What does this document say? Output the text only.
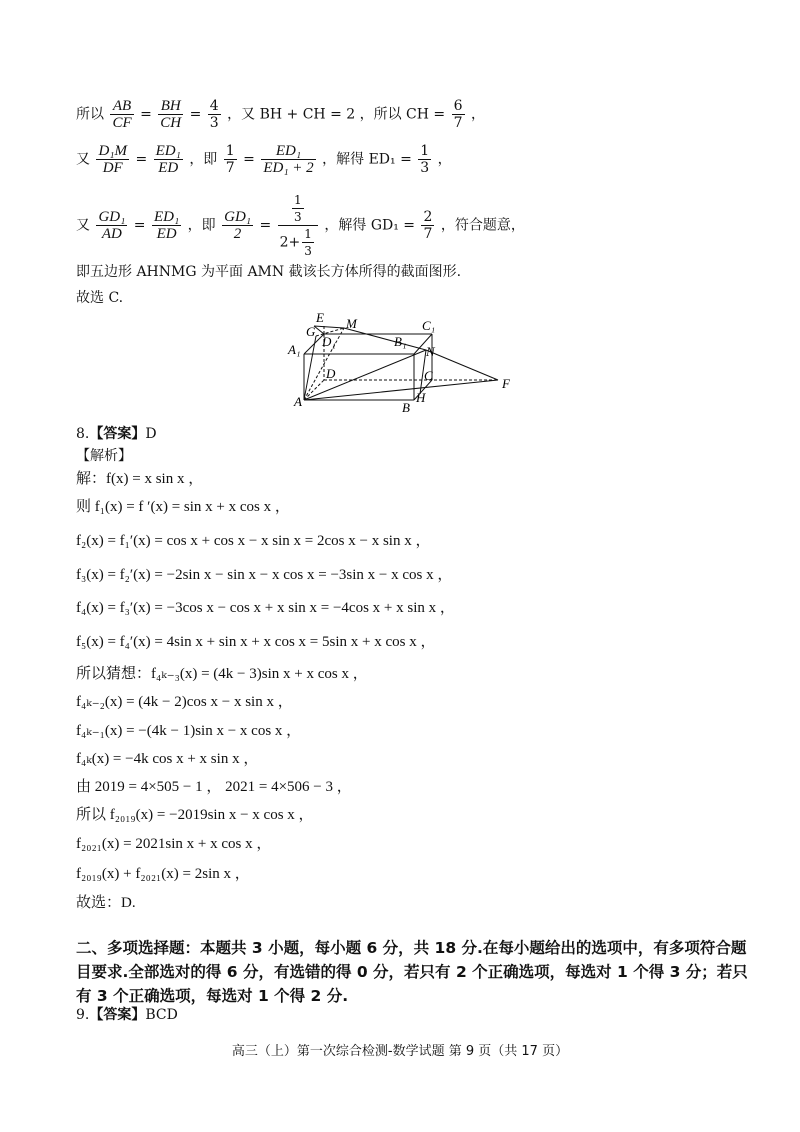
所以 $\frac{AB}{CF} = \frac{BH}{CH} = \frac{4}{3}$ ，又 BH + CH = 2 ，所以 CH = $\frac{6}{7}$ ，
又 $\frac{\text{D₁M}}{DF} = \frac{\text{ED₁}}{ED}$ ，即 $\frac{1}{7} = \frac{\text{ED₁}}{\text{ED₁ + 2}}$ ，解得 $ED_1 = \frac{1}{3}$ ，
又 $\frac{\text{GD₁}}{AD} = \frac{\text{ED₁}}{ED}$ ，即 $\frac{\text{GD₁}}{2} = \frac{\frac{1}{3}}{2+ \frac{1}{3}}$ ，解得 $GD_1 = \frac{2}{7}$ ，符合题意，
即五边形 AHNMG 为平面 AMN 截该长方体所得的截面图形.
故选 C.
E
G
M	C₁
A₁
D₁	B₁
N
D	C
F
A	H
B
8.【答案】D
【解析】
解：f(x) = x sin x ，
则 f₁(x) = f ′(x) = sin x + x cos x ，
f₂(x) = f₁′(x) = cos x + cos x − x sin x = 2cos x − x sin x ，
f₃(x) = f₂′(x) = −2sin x − sin x − x cos x = −3sin x − x cos x ，
f₄(x) = f₃′(x) = −3cos x − cos x + x sin x = −4cos x + x sin x ，
f₅(x) = f₄′(x) = 4sin x + sin x + x cos x = 5sin x + x cos x ，
所以猜想：f₄ₖ₋₃(x) = (4k − 3)sin x + x cos x ，
f₄ₖ₋₂(x) = (4k − 2)cos x − x sin x ，
f₄ₖ₋₁(x) = −(4k − 1)sin x − x cos x ，
f₄ₖ(x) = −4k cos x + x sin x ，
由 2019 = 4×505 − 1 ， 2021 = 4×506 − 3 ，
所以 f₂₀₁₉(x) = −2019sin x − x cos x ，
f₂₀₂₁(x) = 2021sin x + x cos x ，
f₂₀₁₉(x) + f₂₀₂₁(x) = 2sin x ，
故选：D.
二、多项选择题：本题共 3 小题，每小题 6 分，共 18 分.在每小题给出的选项中，有多项符合题目要求.全部选对的得 6 分，有选错的得 0 分，若只有 2 个正确选项，每选对 1 个得 3 分；若只有 3 个正确选项，每选对 1 个得 2 分.
9.【答案】BCD
高三（上）第一次综合检测-数学试题 第 9 页（共 17 页）
